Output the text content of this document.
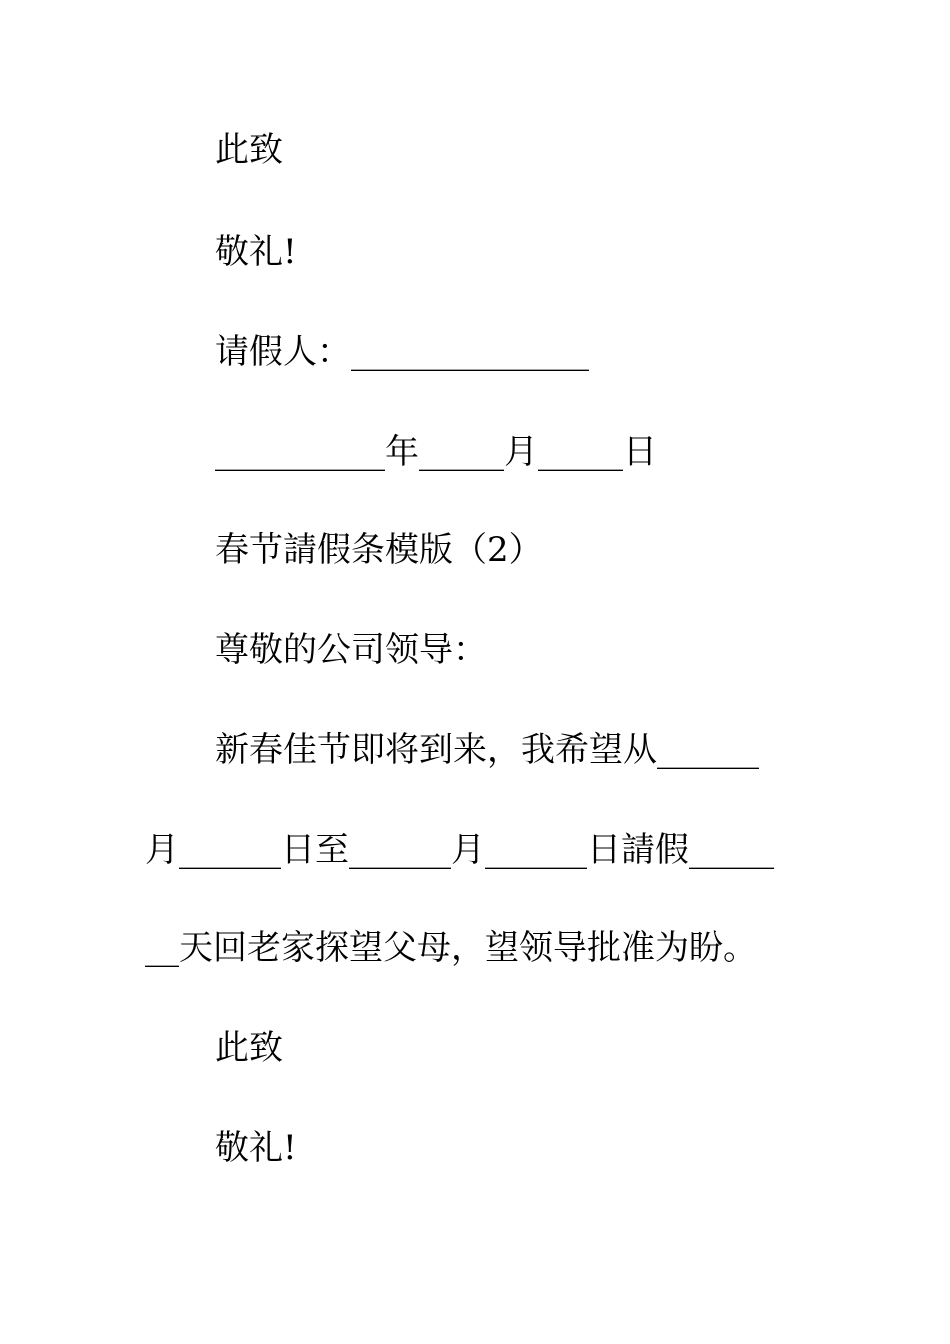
此致
敬礼!
请假人：______________
__________年_____月_____日
春节請假条模版（2）
尊敬的公司领导：
新春佳节即将到来，我希望从______
月______日至______月______日請假_____
__天回老家探望父母，望领导批准为盼。
此致
敬礼!
